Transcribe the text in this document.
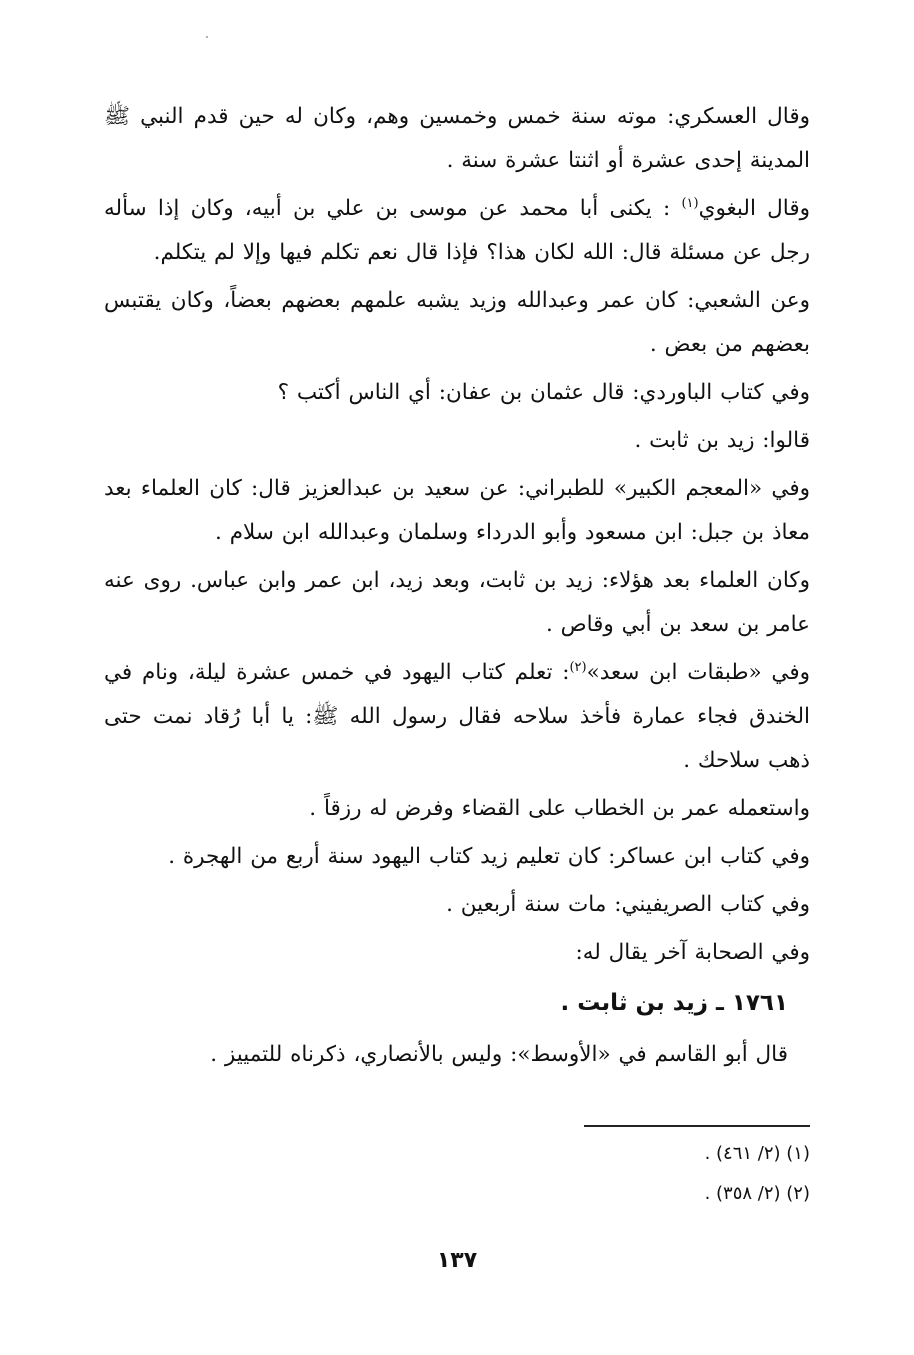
وقال العسكري: موته سنة خمس وخمسين وهم، وكان له حين قدم النبي ﷺ المدينة إحدى عشرة أو اثنتا عشرة سنة .

وقال البغوي$^{(١)}$ : يكنى أبا محمد عن موسى بن علي بن أبيه، وكان إذا سأله رجل عن مسئلة قال: الله لكان هذا؟ فإذا قال نعم تكلم فيها وإلا لم يتكلم.

وعن الشعبي: كان عمر وعبدالله وزيد يشبه علمهم بعضهم بعضاً، وكان يقتبس بعضهم من بعض .

وفي كتاب الباوردي: قال عثمان بن عفان: أي الناس أكتب ؟

قالوا: زيد بن ثابت .

وفي «المعجم الكبير» للطبراني: عن سعيد بن عبدالعزيز قال: كان العلماء بعد معاذ بن جبل: ابن مسعود وأبو الدرداء وسلمان وعبدالله ابن سلام .

وكان العلماء بعد هؤلاء: زيد بن ثابت، وبعد زيد، ابن عمر وابن عباس. روى عنه عامر بن سعد بن أبي وقاص .

وفي «طبقات ابن سعد»$^{(٢)}$: تعلم كتاب اليهود في خمس عشرة ليلة، ونام في الخندق فجاء عمارة فأخذ سلاحه فقال رسول الله ﷺ: يا أبا رُقاد نمت حتى ذهب سلاحك .

واستعمله عمر بن الخطاب على القضاء وفرض له رزقاً .

وفي كتاب ابن عساكر: كان تعليم زيد كتاب اليهود سنة أربع من الهجرة .

وفي كتاب الصريفيني: مات سنة أربعين .

وفي الصحابة آخر يقال له:

١٧٦١ ـ زيد بن ثابت .

قال أبو القاسم في «الأوسط»: وليس بالأنصاري، ذكرناه للتمييز .

(١) (٢/ ٤٦١) .
(٢) (٢/ ٣٥٨) .
١٣٧
